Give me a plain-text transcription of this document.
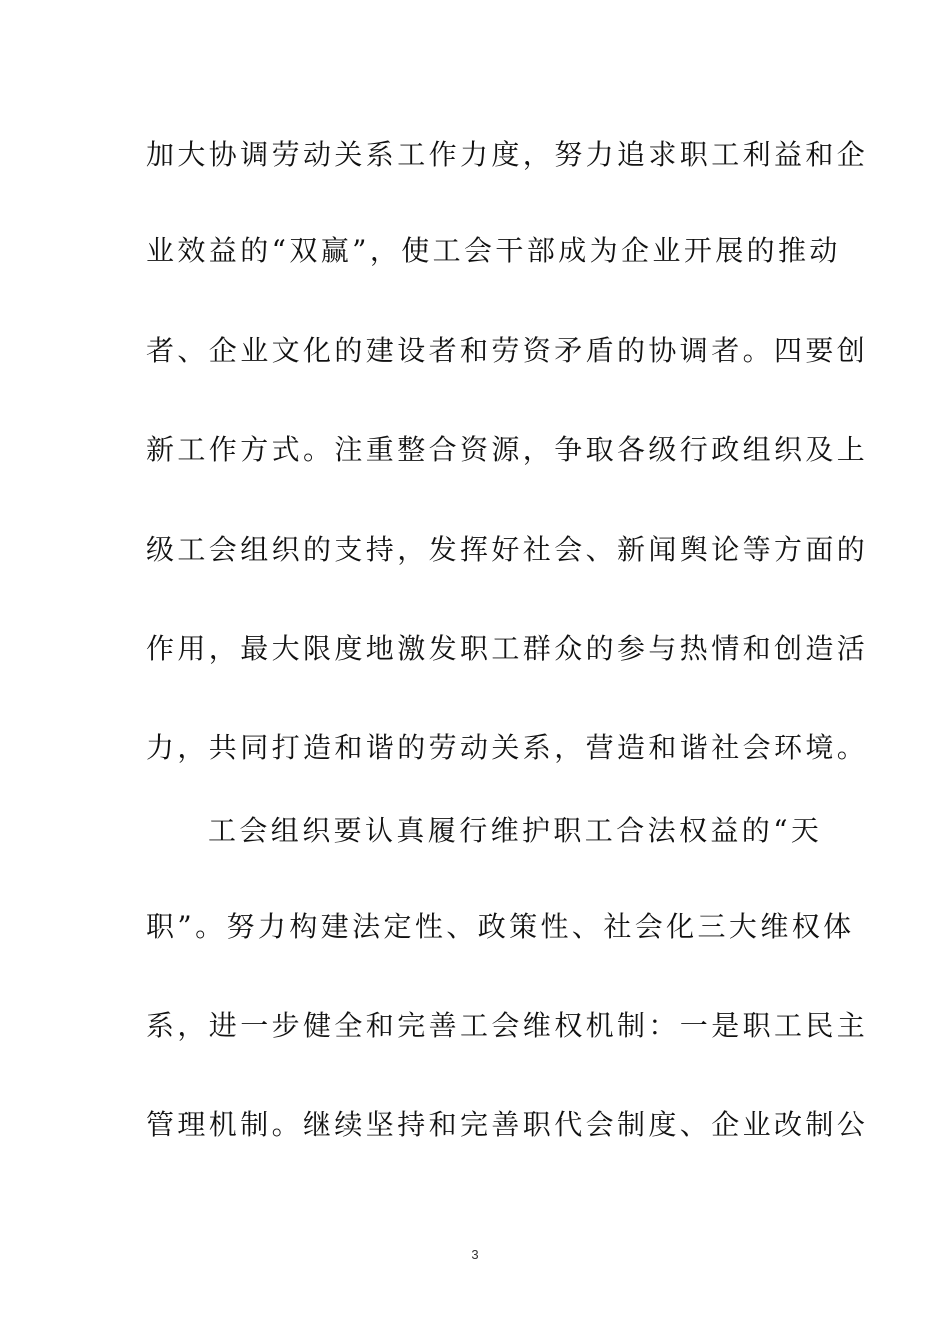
加大协调劳动关系工作力度，努力追求职工利益和企
业效益的“双赢”，使工会干部成为企业开展的推动
者、企业文化的建设者和劳资矛盾的协调者。四要创
新工作方式。注重整合资源，争取各级行政组织及上
级工会组织的支持，发挥好社会、新闻舆论等方面的
作用，最大限度地激发职工群众的参与热情和创造活
力，共同打造和谐的劳动关系，营造和谐社会环境。
工会组织要认真履行维护职工合法权益的“天
职”。努力构建法定性、政策性、社会化三大维权体
系，进一步健全和完善工会维权机制：一是职工民主
管理机制。继续坚持和完善职代会制度、企业改制公
3
